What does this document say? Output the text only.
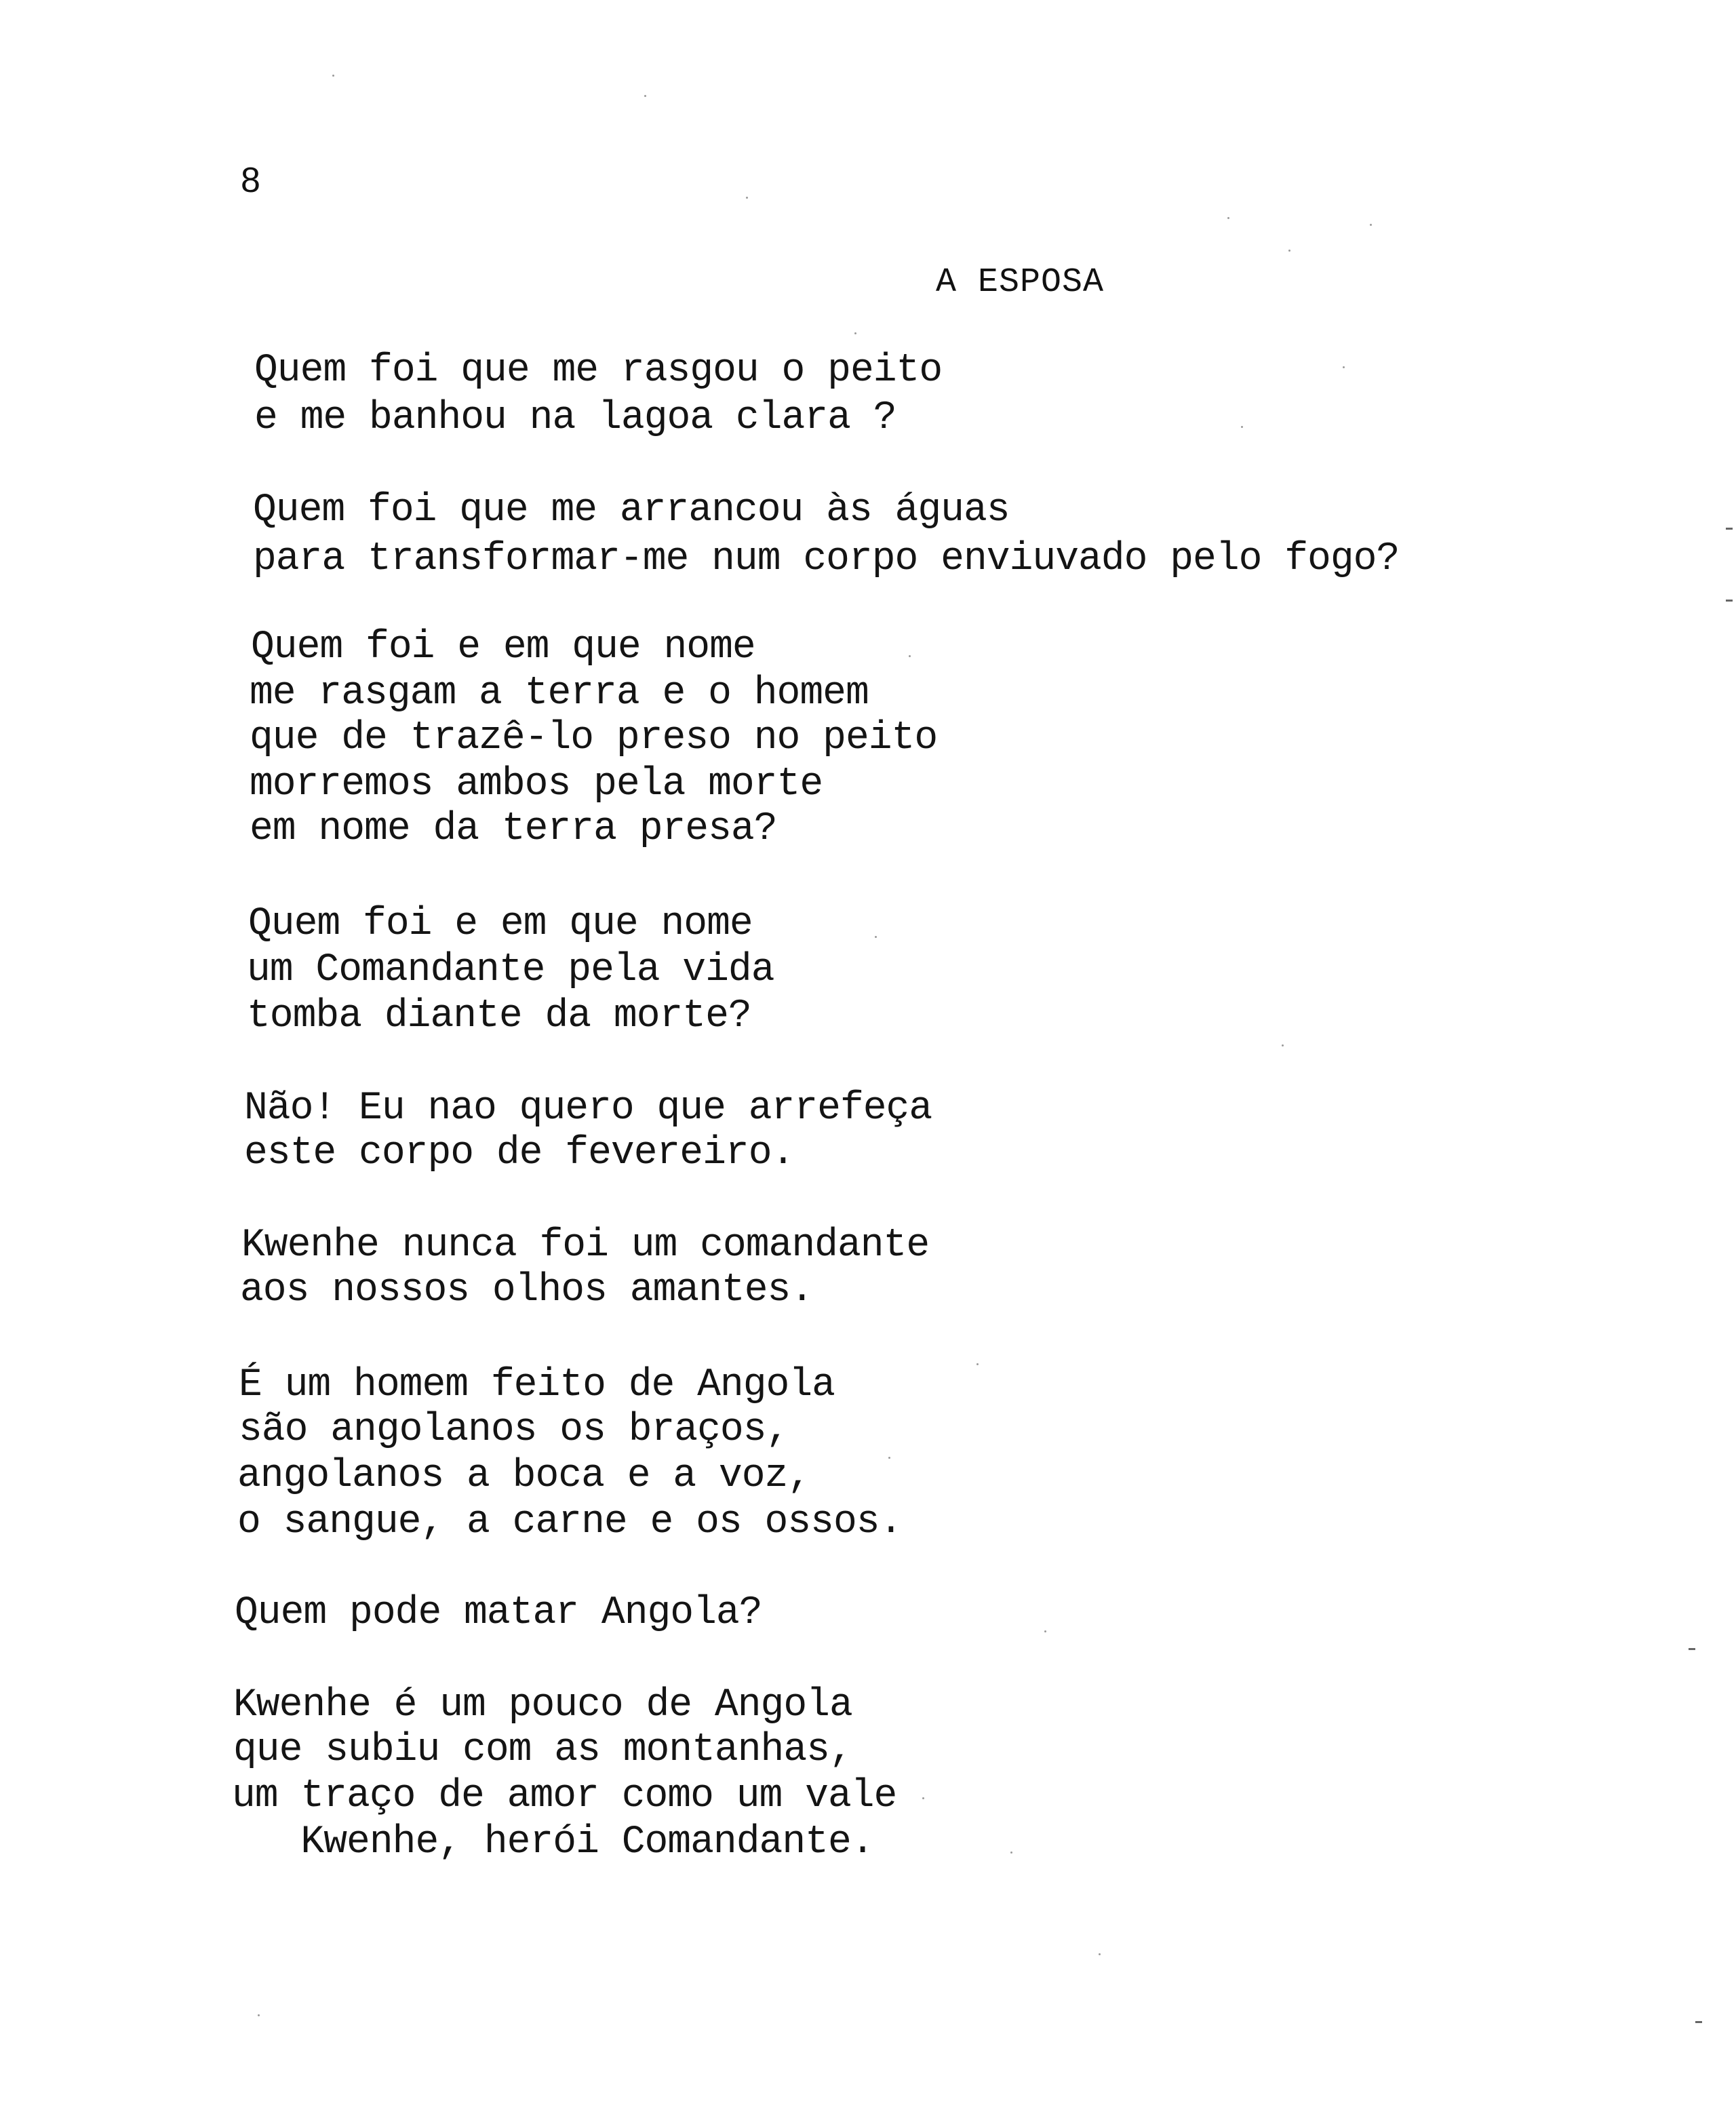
8
A ESPOSA
Quem foi que me rasgou o peito
e me banhou na lagoa clara ?
Quem foi que me arrancou às águas
para transformar-me num corpo enviuvado pelo fogo?
Quem foi e em que nome
me rasgam a terra e o homem
que de trazê-lo preso no peito
morremos ambos pela morte
em nome da terra presa?
Quem foi e em que nome
um Comandante pela vida
tomba diante da morte?
Não! Eu nao quero que arrefeça
este corpo de fevereiro.
Kwenhe nunca foi um comandante
aos nossos olhos amantes.
É um homem feito de Angola
são angolanos os braços,
angolanos a boca e a voz,
o sangue, a carne e os ossos.
Quem pode matar Angola?
Kwenhe é um pouco de Angola
que subiu com as montanhas,
um traço de amor como um vale
Kwenhe, herói Comandante.
